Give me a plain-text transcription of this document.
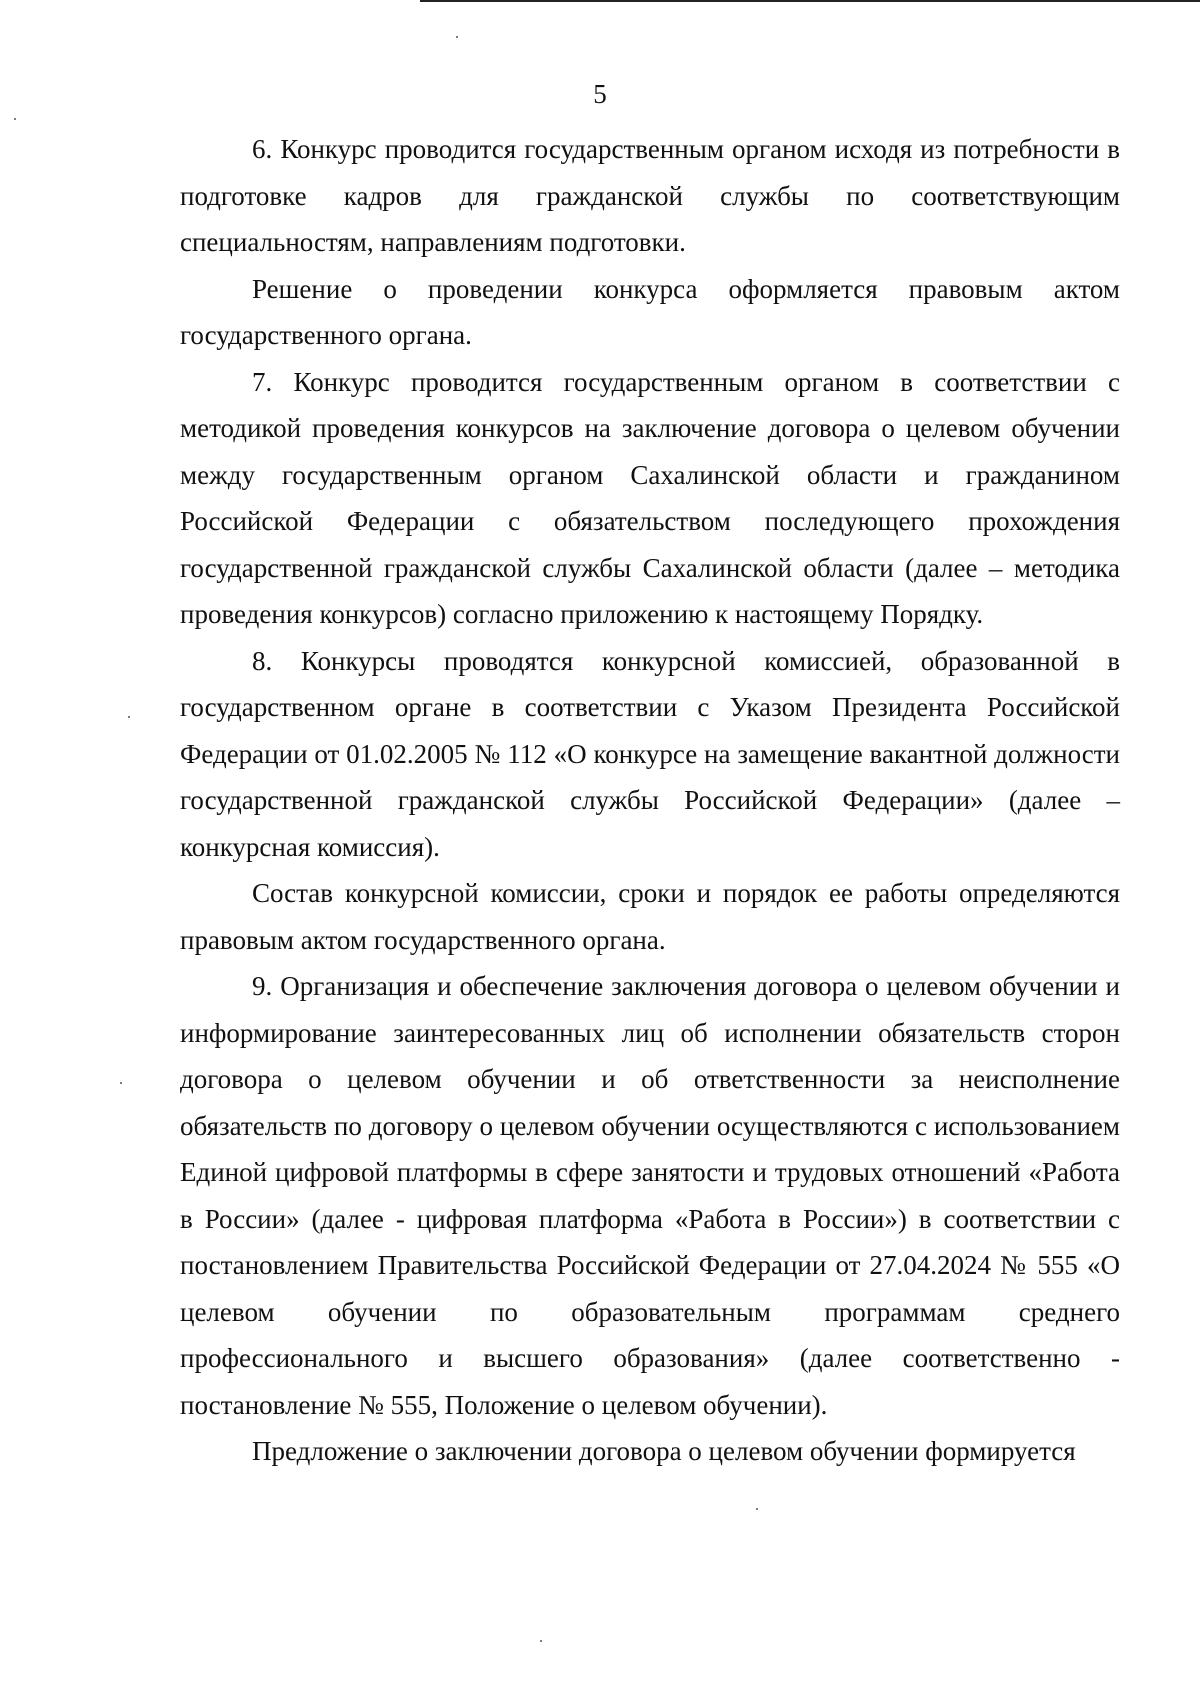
5

6. Конкурс проводится государственным органом исходя из потребности в подготовке кадров для гражданской службы по соответствующим специальностям, направлениям подготовки.

Решение о проведении конкурса оформляется правовым актом государственного органа.

7. Конкурс проводится государственным органом в соответствии с методикой проведения конкурсов на заключение договора о целевом обучении между государственным органом Сахалинской области и гражданином Российской Федерации с обязательством последующего прохождения государственной гражданской службы Сахалинской области (далее – методика проведения конкурсов) согласно приложению к настоящему Порядку.

8. Конкурсы проводятся конкурсной комиссией, образованной в государственном органе в соответствии с Указом Президента Российской Федерации от 01.02.2005 № 112 «О конкурсе на замещение вакантной должности государственной гражданской службы Российской Федерации» (далее – конкурсная комиссия).

Состав конкурсной комиссии, сроки и порядок ее работы определяются правовым актом государственного органа.

9. Организация и обеспечение заключения договора о целевом обучении и информирование заинтересованных лиц об исполнении обязательств сторон договора о целевом обучении и об ответственности за неисполнение обязательств по договору о целевом обучении осуществляются с использованием Единой цифровой платформы в сфере занятости и трудовых отношений «Работа в России» (далее - цифровая платформа «Работа в России») в соответствии с постановлением Правительства Российской Федерации от 27.04.2024 № 555 «О целевом обучении по образовательным программам среднего профессионального и высшего образования» (далее соответственно - постановление № 555, Положение о целевом обучении).

Предложение о заключении договора о целевом обучении формируется
